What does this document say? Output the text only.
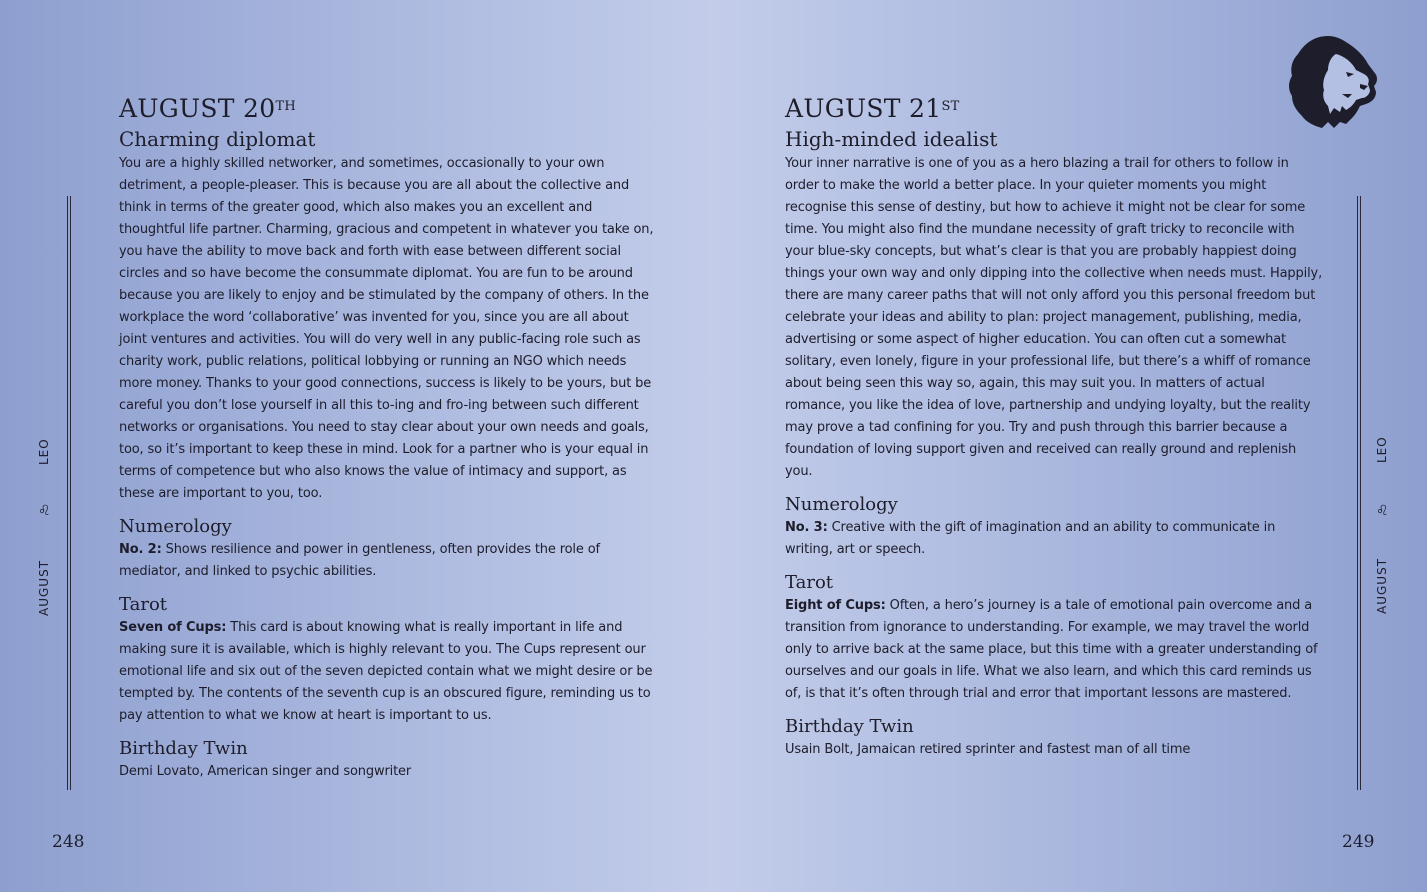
LEO
♌
AUGUST
AUGUST 20TH
Charming diplomat

You are a highly skilled networker, and sometimes, occasionally to your own detriment, a people-pleaser. This is because you are all about the collective and think in terms of the greater good, which also makes you an excellent and thoughtful life partner. Charming, gracious and competent in whatever you take on, you have the ability to move back and forth with ease between different social circles and so have become the consummate diplomat. You are fun to be around because you are likely to enjoy and be stimulated by the company of others. In the workplace the word ‘collaborative’ was invented for you, since you are all about joint ventures and activities. You will do very well in any public-facing role such as charity work, public relations, political lobbying or running an NGO which needs more money. Thanks to your good connections, success is likely to be yours, but be careful you don’t lose yourself in all this to-ing and fro-ing between such different networks or organisations. You need to stay clear about your own needs and goals, too, so it’s important to keep these in mind. Look for a partner who is your equal in terms of competence but who also knows the value of intimacy and support, as these are important to you, too.

Numerology

No. 2: Shows resilience and power in gentleness, often provides the role of mediator, and linked to psychic abilities.

Tarot

Seven of Cups: This card is about knowing what is really important in life and making sure it is available, which is highly relevant to you. The Cups represent our emotional life and six out of the seven depicted contain what we might desire or be tempted by. The contents of the seventh cup is an obscured figure, reminding us to pay attention to what we know at heart is important to us.

Birthday Twin

Demi Lovato, American singer and songwriter

248
LEO
♌
AUGUST
AUGUST 21ST
High-minded idealist

Your inner narrative is one of you as a hero blazing a trail for others to follow in order to make the world a better place. In your quieter moments you might recognise this sense of destiny, but how to achieve it might not be clear for some time. You might also find the mundane necessity of graft tricky to reconcile with your blue-sky concepts, but what’s clear is that you are probably happiest doing things your own way and only dipping into the collective when needs must. Happily, there are many career paths that will not only afford you this personal freedom but celebrate your ideas and ability to plan: project management, publishing, media, advertising or some aspect of higher education. You can often cut a somewhat solitary, even lonely, figure in your professional life, but there’s a whiff of romance about being seen this way so, again, this may suit you. In matters of actual romance, you like the idea of love, partnership and undying loyalty, but the reality may prove a tad confining for you. Try and push through this barrier because a foundation of loving support given and received can really ground and replenish you.

Numerology

No. 3: Creative with the gift of imagination and an ability to communicate in writing, art or speech.

Tarot

Eight of Cups: Often, a hero’s journey is a tale of emotional pain overcome and a transition from ignorance to understanding. For example, we may travel the world only to arrive back at the same place, but this time with a greater understanding of ourselves and our goals in life. What we also learn, and which this card reminds us of, is that it’s often through trial and error that important lessons are mastered.

Birthday Twin

Usain Bolt, Jamaican retired sprinter and fastest man of all time

249
